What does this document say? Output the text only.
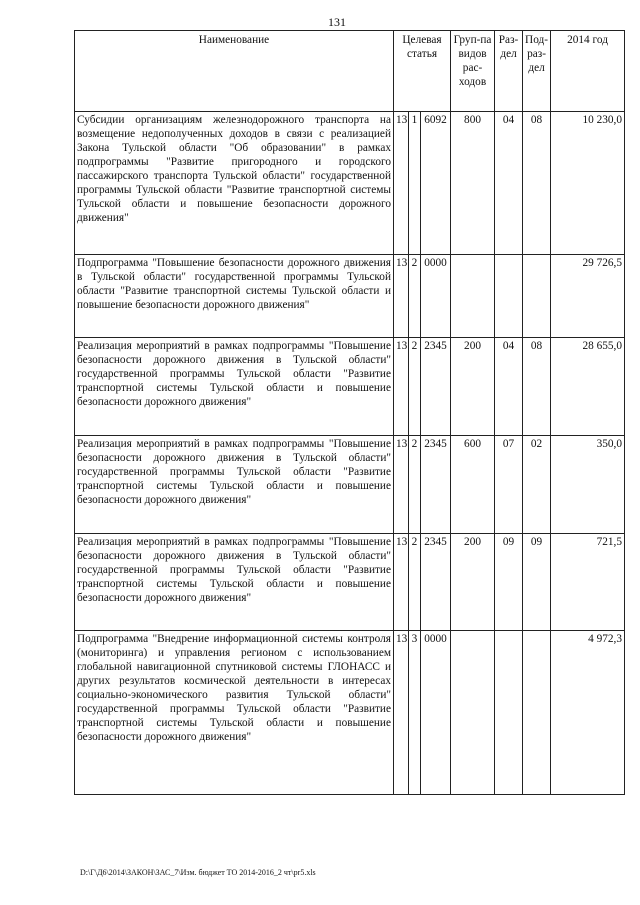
131
Наименование	Целевая статья			Груп-па видов рас-ходов	Раз-дел	Под-раз-дел	2014 год
Субсидии организациям железнодорожного транспорта на возмещение недополученных доходов в связи с реализацией Закона Тульской области "Об образовании" в рамках подпрограммы "Развитие пригородного и городского пассажирского транспорта Тульской области" государственной программы Тульской области "Развитие транспортной системы Тульской области и повышение безопасности дорожного движения"	13	1	6092	800	04	08	10 230,0
Подпрограмма "Повышение безопасности дорожного движения в Тульской области" государственной программы Тульской области "Развитие транспортной системы Тульской области и повышение безопасности дорожного движения"	13	2	0000				29 726,5
Реализация мероприятий в рамках подпрограммы "Повышение безопасности дорожного движения в Тульской области" государственной программы Тульской области "Развитие транспортной системы Тульской области и повышение безопасности дорожного движения"	13	2	2345	200	04	08	28 655,0
Реализация мероприятий в рамках подпрограммы "Повышение безопасности дорожного движения в Тульской области" государственной программы Тульской области "Развитие транспортной системы Тульской области и повышение безопасности дорожного движения"	13	2	2345	600	07	02	350,0
Реализация мероприятий в рамках подпрограммы "Повышение безопасности дорожного движения в Тульской области" государственной программы Тульской области "Развитие транспортной системы Тульской области и повышение безопасности дорожного движения"	13	2	2345	200	09	09	721,5
Подпрограмма "Внедрение информационной системы контроля (мониторинга) и управления регионом с использованием глобальной навигационной спутниковой системы ГЛОНАСС и других результатов космической деятельности в интересах социально-экономического развития Тульской области" государственной программы Тульской области "Развитие транспортной системы Тульской области и повышение безопасности дорожного движения"	13	3	0000				4 972,3
D:\Г\Д6\2014\ЗАКОН\ЗАС_7\Изм. бюджет ТО 2014-2016_2 чт\pr5.xls
